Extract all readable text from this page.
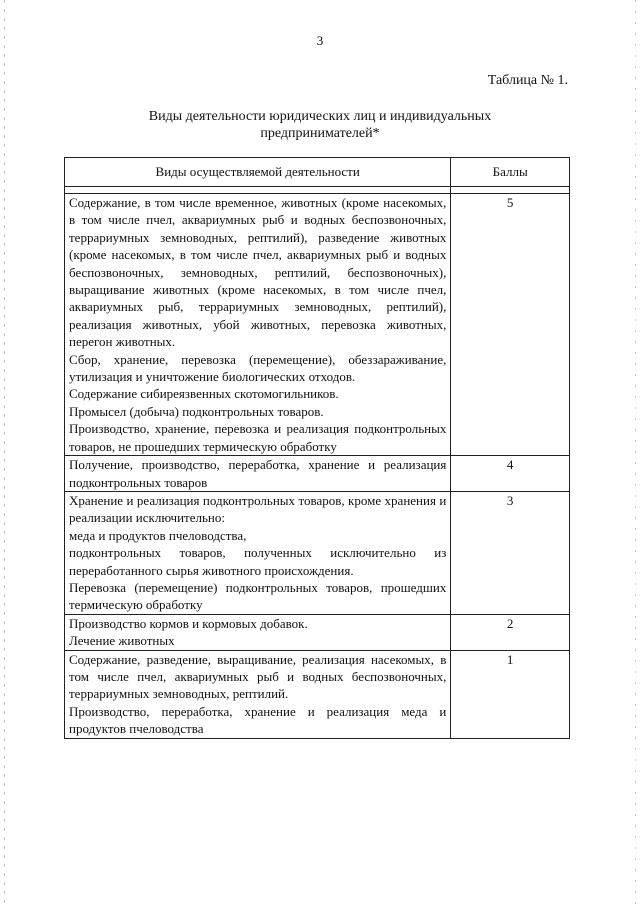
3
Таблица № 1.
Виды деятельности юридических лиц и индивидуальных
предпринимателей*
Виды осуществляемой деятельности	Баллы

Содержание, в том числе временное, животных (кроме насекомых, в том числе пчел, аквариумных рыб и водных беспозвоночных, террариумных земноводных, рептилий), разведение животных (кроме насекомых, в том числе пчел, аквариумных рыб и водных беспозвоночных, земноводных, рептилий, беспозвоночных), выращивание животных (кроме насекомых, в том числе пчел, аквариумных рыб, террариумных земноводных, рептилий), реализация животных, убой животных, перевозка животных, перегон животных.
Сбор, хранение, перевозка (перемещение), обеззараживание, утилизация и уничтожение биологических отходов.
Содержание сибиреязвенных скотомогильников.
Промысел (добыча) подконтрольных товаров.
Производство, хранение, перевозка и реализация подконтрольных товаров, не прошедших термическую обработку	5

Получение, производство, переработка, хранение и реализация подконтрольных товаров	4

Хранение и реализация подконтрольных товаров, кроме хранения и реализации исключительно:
меда и продуктов пчеловодства,
подконтрольных товаров, полученных исключительно из переработанного сырья животного происхождения.
Перевозка (перемещение) подконтрольных товаров, прошедших термическую обработку	3

Производство кормов и кормовых добавок.
Лечение животных	2

Содержание, разведение, выращивание, реализация насекомых, в том числе пчел, аквариумных рыб и водных беспозвоночных, террариумных земноводных, рептилий.
Производство, переработка, хранение и реализация меда и продуктов пчеловодства	1
